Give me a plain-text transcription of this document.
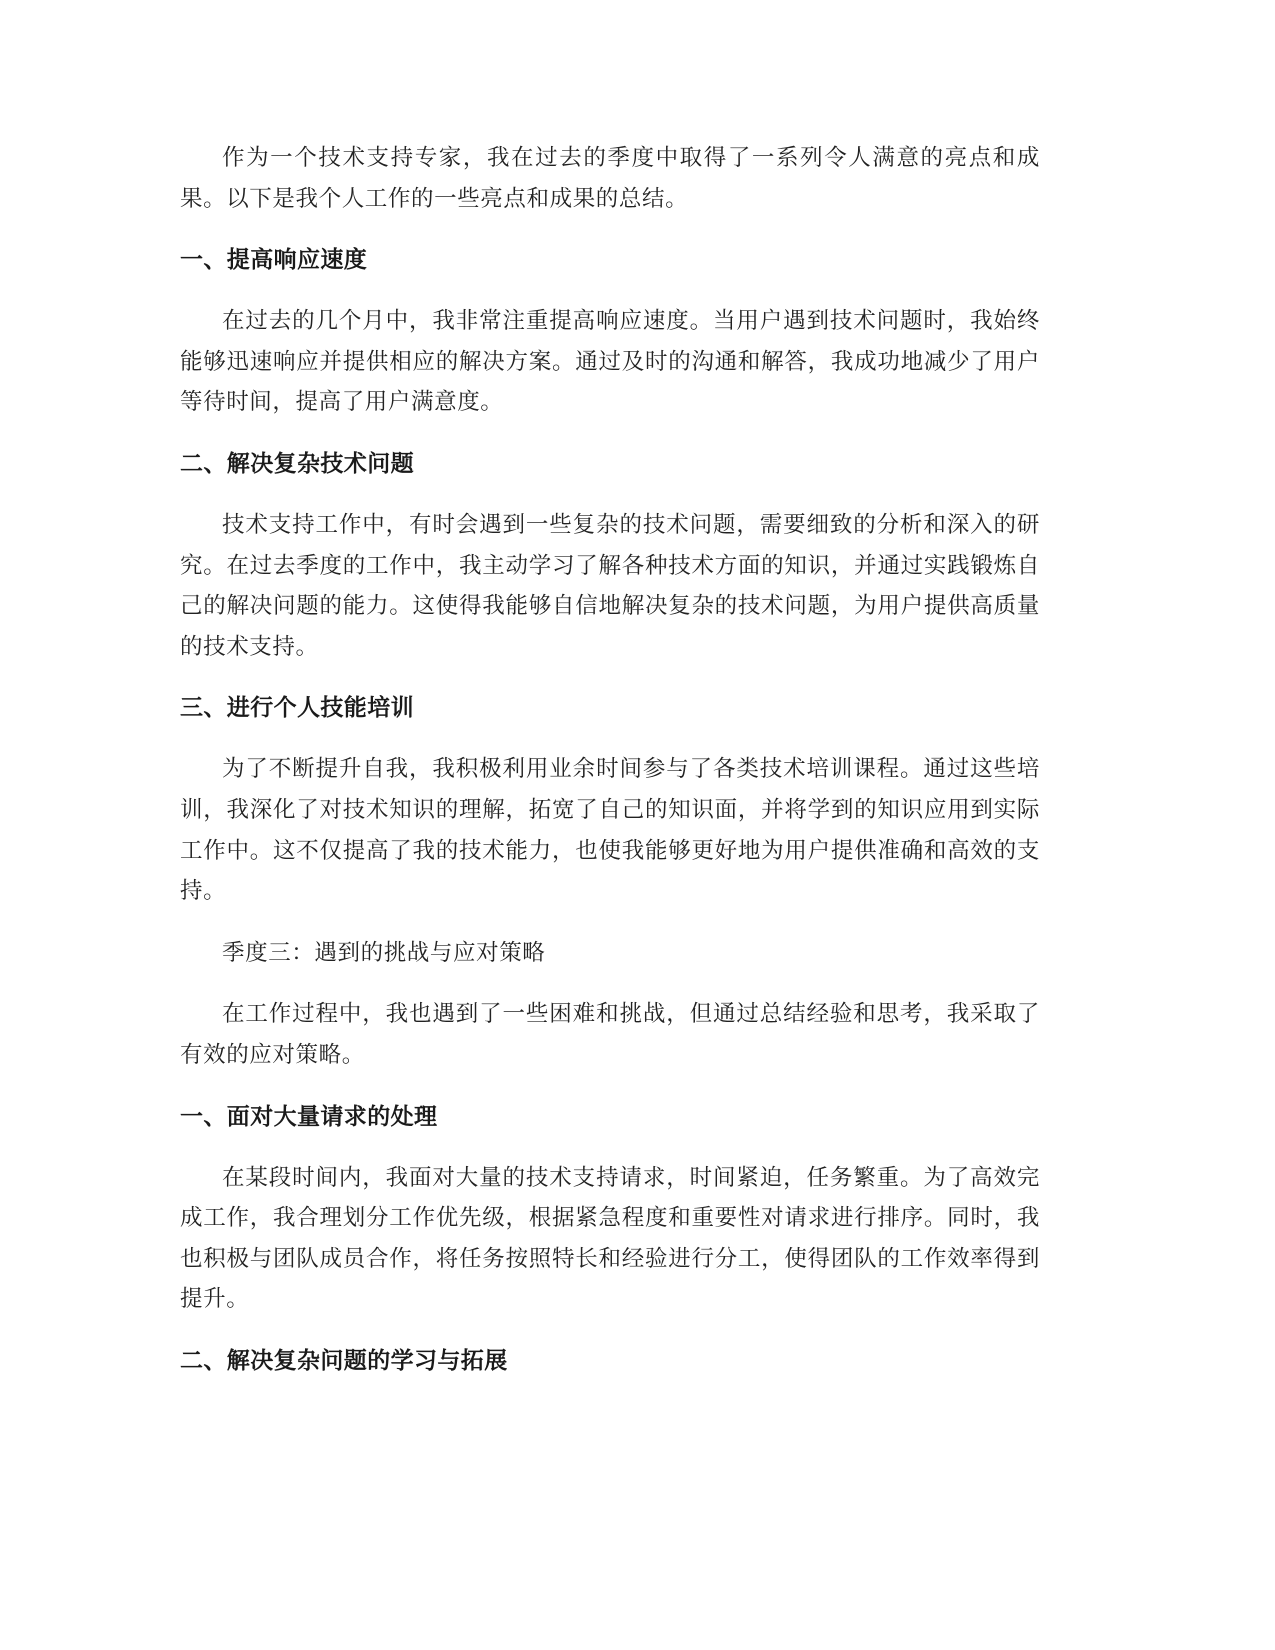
作为一个技术支持专家，我在过去的季度中取得了一系列令人满意的亮点和成果。以下是我个人工作的一些亮点和成果的总结。

一、提高响应速度

在过去的几个月中，我非常注重提高响应速度。当用户遇到技术问题时，我始终能够迅速响应并提供相应的解决方案。通过及时的沟通和解答，我成功地减少了用户等待时间，提高了用户满意度。

二、解决复杂技术问题

技术支持工作中，有时会遇到一些复杂的技术问题，需要细致的分析和深入的研究。在过去季度的工作中，我主动学习了解各种技术方面的知识，并通过实践锻炼自己的解决问题的能力。这使得我能够自信地解决复杂的技术问题，为用户提供高质量的技术支持。

三、进行个人技能培训

为了不断提升自我，我积极利用业余时间参与了各类技术培训课程。通过这些培训，我深化了对技术知识的理解，拓宽了自己的知识面，并将学到的知识应用到实际工作中。这不仅提高了我的技术能力，也使我能够更好地为用户提供准确和高效的支持。

季度三：遇到的挑战与应对策略

在工作过程中，我也遇到了一些困难和挑战，但通过总结经验和思考，我采取了有效的应对策略。

一、面对大量请求的处理

在某段时间内，我面对大量的技术支持请求，时间紧迫，任务繁重。为了高效完成工作，我合理划分工作优先级，根据紧急程度和重要性对请求进行排序。同时，我也积极与团队成员合作，将任务按照特长和经验进行分工，使得团队的工作效率得到提升。

二、解决复杂问题的学习与拓展
